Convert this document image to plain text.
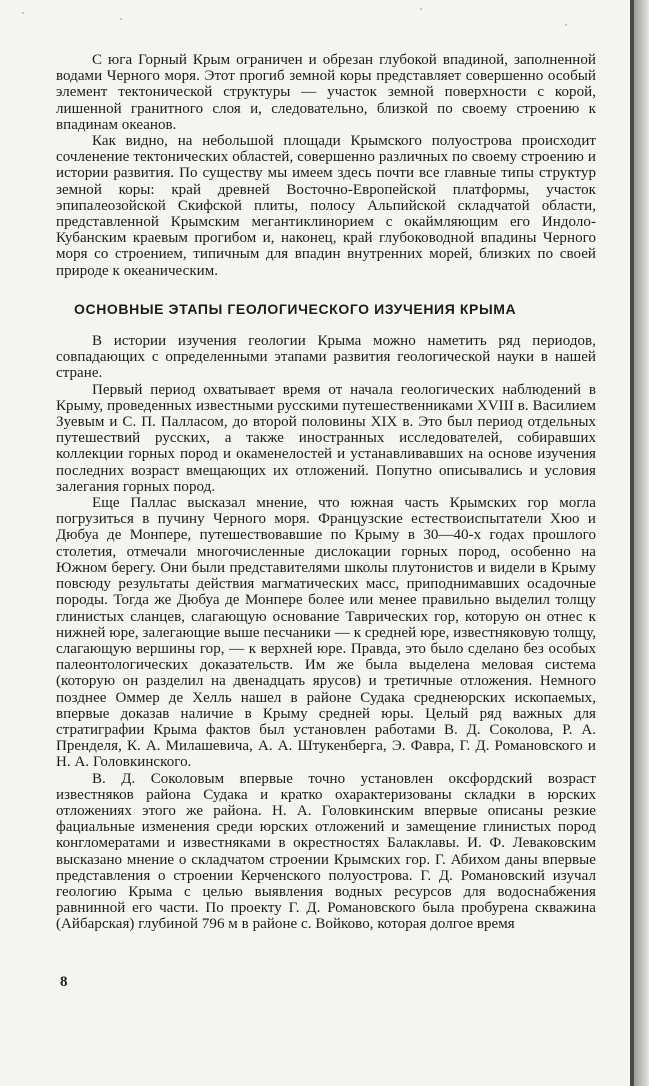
С юга Горный Крым ограничен и обрезан глубокой впадиной, заполненной водами Черного моря. Этот прогиб земной коры представляет совершенно особый элемент тектонической структуры — участок земной поверхности с корой, лишенной гранитного слоя и, следовательно, близкой по своему строению к впадинам океанов.

Как видно, на небольшой площади Крымского полуострова происходит сочленение тектонических областей, совершенно различных по своему строению и истории развития. По существу мы имеем здесь почти все главные типы структур земной коры: край древней Восточно-Европейской платформы, участок эпипалеозойской Скифской плиты, полосу Альпийской складчатой области, представленной Крымским мегантиклинорием с окаймляющим его Индоло-Кубанским краевым прогибом и, наконец, край глубоководной впадины Черного моря со строением, типичным для впадин внутренних морей, близких по своей природе к океаническим.

ОСНОВНЫЕ ЭТАПЫ ГЕОЛОГИЧЕСКОГО ИЗУЧЕНИЯ КРЫМА

В истории изучения геологии Крыма можно наметить ряд периодов, совпадающих с определенными этапами развития геологической науки в нашей стране.

Первый период охватывает время от начала геологических наблюдений в Крыму, проведенных известными русскими путешественниками XVIII в. Василием Зуевым и С. П. Палласом, до второй половины XIX в. Это был период отдельных путешествий русских, а также иностранных исследователей, собиравших коллекции горных пород и окаменелостей и устанавливавших на основе изучения последних возраст вмещающих их отложений. Попутно описывались и условия залегания горных пород.

Еще Паллас высказал мнение, что южная часть Крымских гор могла погрузиться в пучину Черного моря. Французские естествоиспытатели Хюо и Дюбуа де Монпере, путешествовавшие по Крыму в 30—40-х годах прошлого столетия, отмечали многочисленные дислокации горных пород, особенно на Южном берегу. Они были представителями школы плутонистов и видели в Крыму повсюду результаты действия магматических масс, приподнимавших осадочные породы. Тогда же Дюбуа де Монпере более или менее правильно выделил толщу глинистых сланцев, слагающую основание Таврических гор, которую он отнес к нижней юре, залегающие выше песчаники — к средней юре, известняковую толщу, слагающую вершины гор, — к верхней юре. Правда, это было сделано без особых палеонтологических доказательств. Им же была выделена меловая система (которую он разделил на двенадцать ярусов) и третичные отложения. Немного позднее Оммер де Хелль нашел в районе Судака среднеюрских ископаемых, впервые доказав наличие в Крыму средней юры. Целый ряд важных для стратиграфии Крыма фактов был установлен работами В. Д. Соколова, Р. А. Пренделя, К. А. Милашевича, А. А. Штукенберга, Э. Фавра, Г. Д. Романовского и Н. А. Головкинского.

В. Д. Соколовым впервые точно установлен оксфордский возраст известняков района Судака и кратко охарактеризованы складки в юрских отложениях этого же района. Н. А. Головкинским впервые описаны резкие фациальные изменения среди юрских отложений и замещение глинистых пород конгломератами и известняками в окрестностях Балаклавы. И. Ф. Леваковским высказано мнение о складчатом строении Крымских гор. Г. Абихом даны впервые представления о строении Керченского полуострова. Г. Д. Романовский изучал геологию Крыма с целью выявления водных ресурсов для водоснабжения равнинной его части. По проекту Г. Д. Романовского была пробурена скважина (Айбарская) глубиной 796 м в районе с. Войково, которая долгое время

8
